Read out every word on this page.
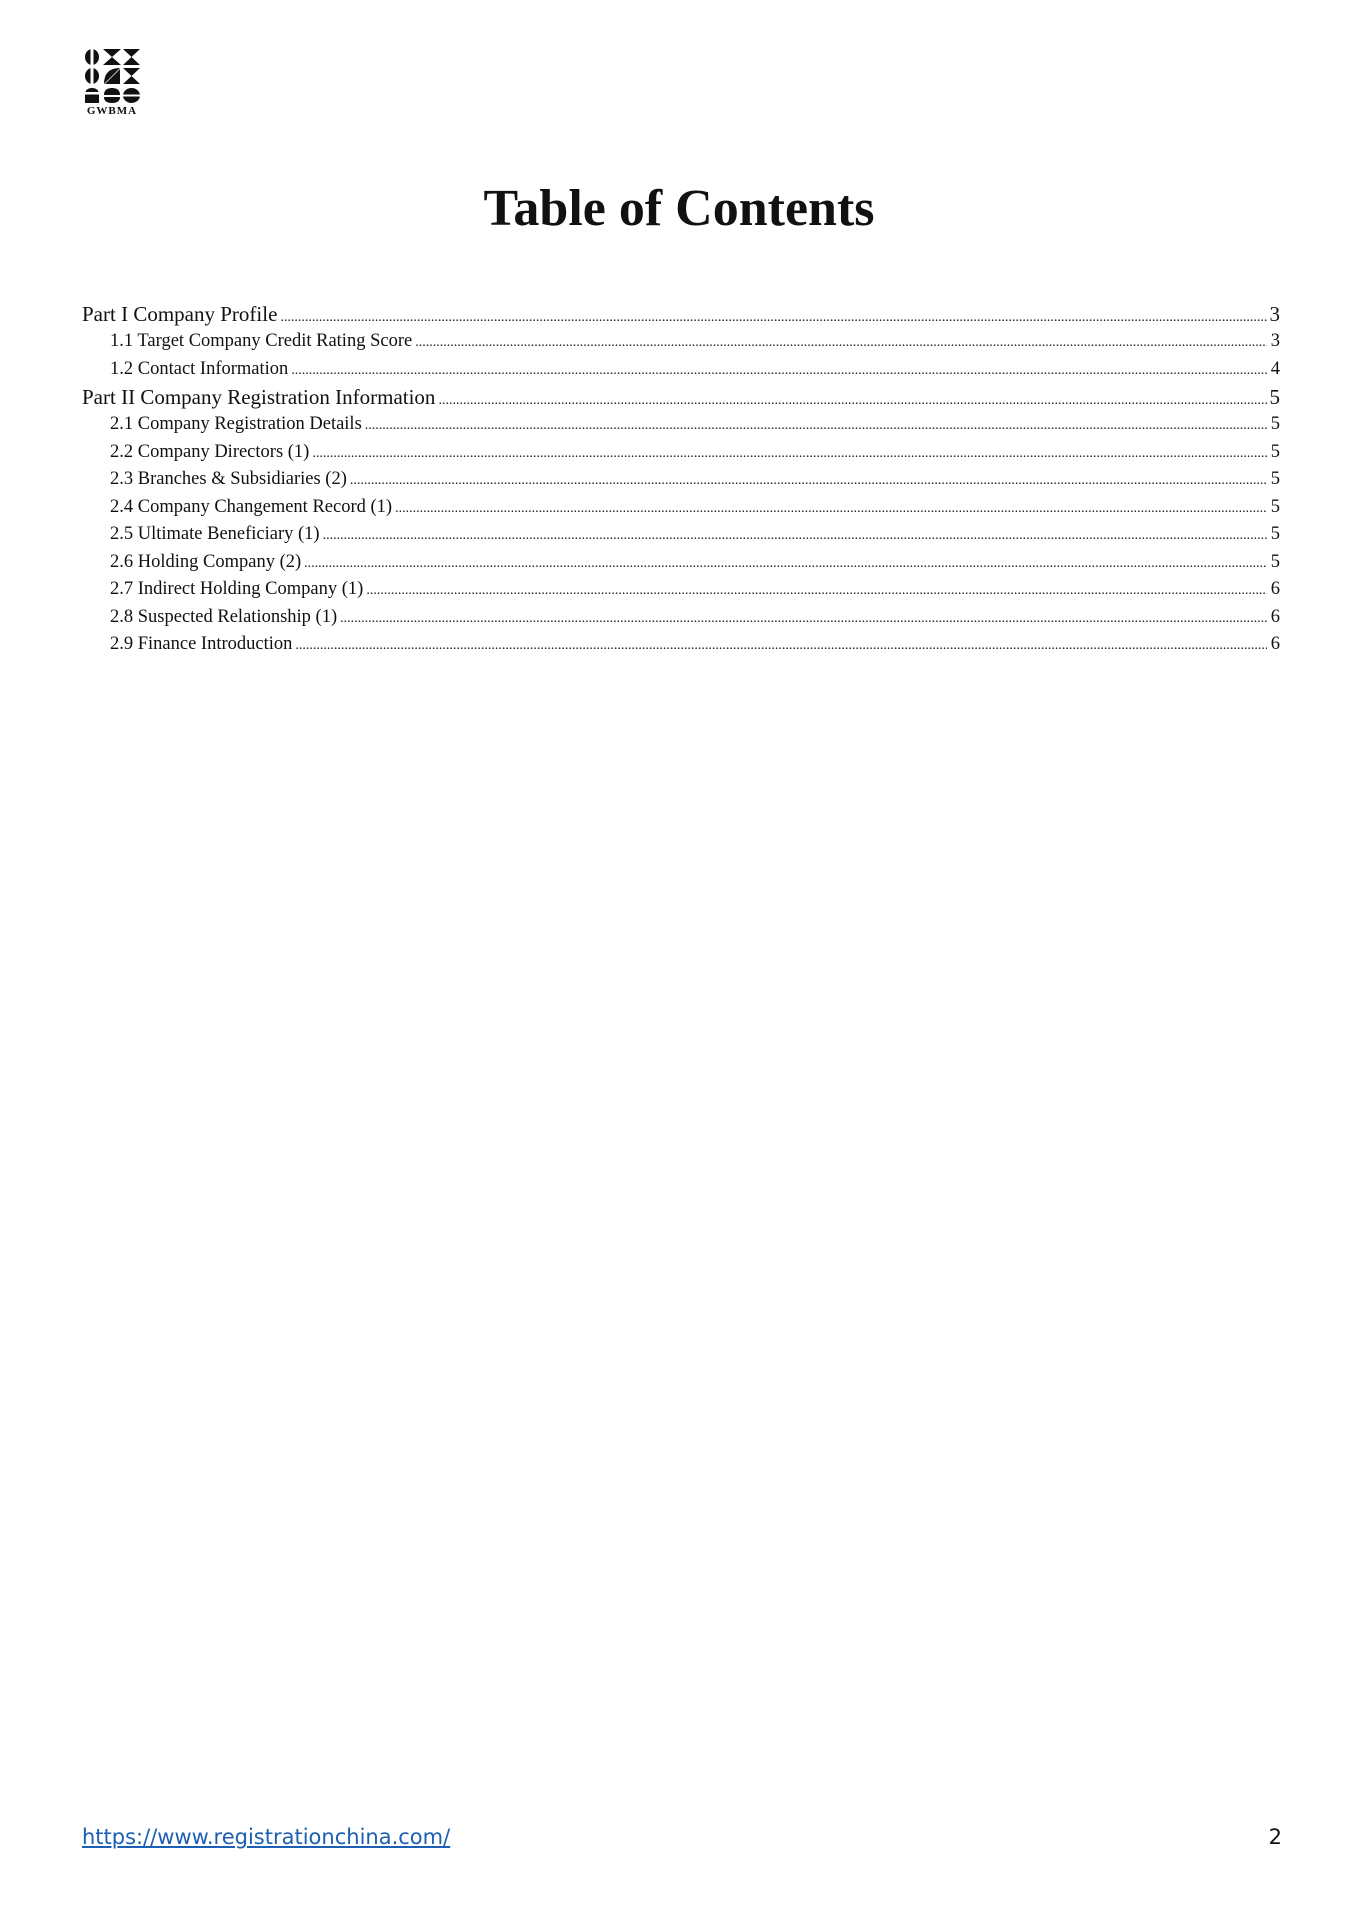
GWBMA
Table of Contents
Part I Company Profile .....	3
1.1 Target Company Credit Rating Score .....	3
1.2 Contact Information .....	4
Part II Company Registration Information .....	5
2.1 Company Registration Details .....	5
2.2 Company Directors (1) .....	5
2.3 Branches & Subsidiaries (2) .....	5
2.4 Company Changement Record (1) .....	5
2.5 Ultimate Beneficiary (1) .....	5
2.6 Holding Company (2) .....	5
2.7 Indirect Holding Company (1) .....	6
2.8 Suspected Relationship (1) .....	6
2.9 Finance Introduction .....	6
https://www.registrationchina.com/	2
